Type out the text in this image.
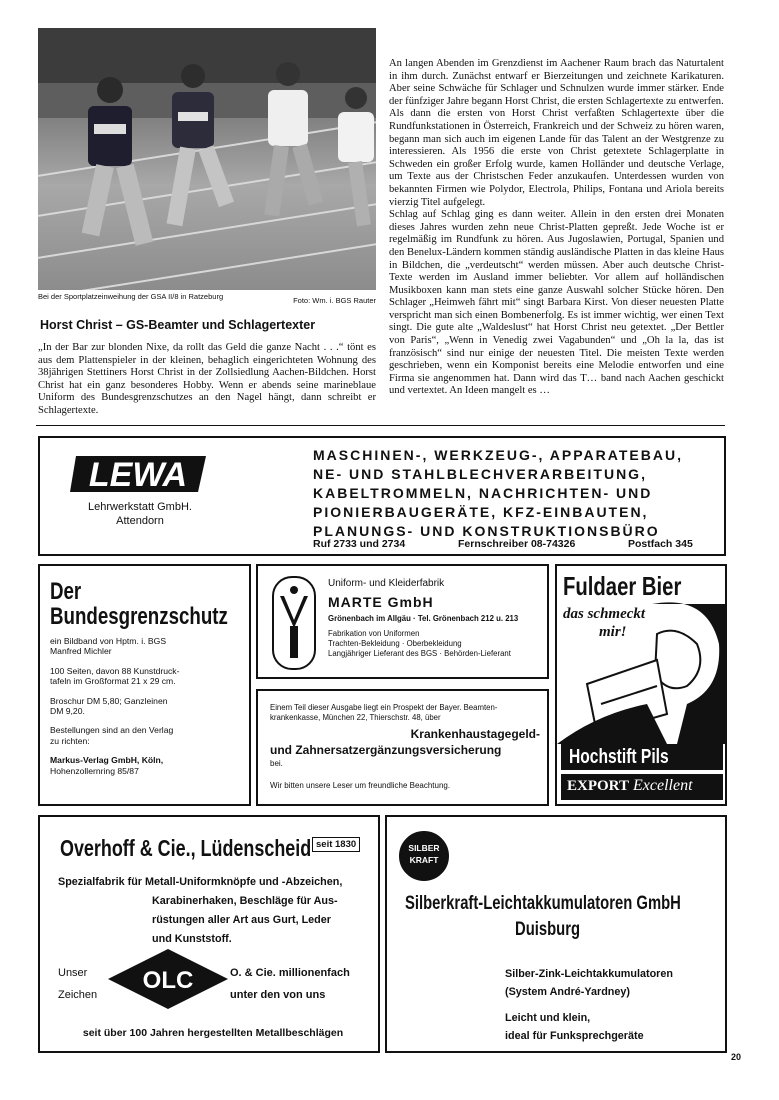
Bei der Sportplatzeinweihung der GSA II/8 in Ratzeburg	Foto: Wm. i. BGS Rauter
Horst Christ – GS-Beamter und Schlagertexter
„In der Bar zur blonden Nixe, da rollt das Geld die ganze Nacht . . .“ tönt es aus dem Plattenspieler in der kleinen, behaglich eingerichteten Wohnung des 38jährigen Stettiners Horst Christ in der Zollsiedlung Aachen-Bildchen. Horst Christ hat ein ganz besonderes Hobby. Wenn er abends seine marineblaue Uniform des Bundesgrenzschutzes an den Nagel hängt, dann schreibt er Schlagertexte.

An langen Abenden im Grenzdienst im Aachener Raum brach das Naturtalent in ihm durch. Zunächst entwarf er Bierzeitungen und zeichnete Karikaturen. Aber seine Schwäche für Schlager und Schnulzen wurde immer stärker. Ende der fünfziger Jahre begann Horst Christ, die ersten Schlagertexte zu entwerfen.

Als dann die ersten von Horst Christ verfaßten Schlagertexte über die Rundfunkstationen in Österreich, Frankreich und der Schweiz zu hören waren, begann man sich auch im eigenen Lande für das Talent an der Westgrenze zu interessieren. Als 1956 die erste von Christ getextete Schlagerplatte in Schweden ein großer Erfolg wurde, kamen Holländer und deutsche Verlage, um Texte aus der Christschen Feder anzukaufen. Unterdessen wurden von bekannten Firmen wie Polydor, Electrola, Philips, Fontana und Ariola bereits vierzig Titel aufgelegt.

Schlag auf Schlag ging es dann weiter. Allein in den ersten drei Monaten dieses Jahres wurden zehn neue Christ-Platten gepreßt. Jede Woche ist er regelmäßig im Rundfunk zu hören. Aus Jugoslawien, Portugal, Spanien und den Benelux-Ländern kommen ständig ausländische Platten in das kleine Haus in Bildchen, die „verdeutscht“ werden müssen. Aber auch deutsche Christ-Texte werden im Ausland immer beliebter. Vor allem auf holländischen Musikboxen kann man stets eine ganze Auswahl solcher Stücke hören. Den Schlager „Heimweh fährt mit“ singt Barbara Kirst. Von dieser neuesten Platte verspricht man sich einen Bombenerfolg. Es ist immer wichtig, wer einen Text singt. Die gute alte „Waldeslust“ hat Horst Christ neu getextet. „Der Bettler von Paris“, „Wenn in Venedig zwei Vagabunden“ und „Oh la la, das ist französisch“ sind nur einige der neuesten Titel. Die meisten Texte werden geschrieben, wenn ein Komponist bereits eine Melodie entworfen und eine Firma sie angenommen hat. Dann wird das T… band nach Aachen geschickt und vertextet. An Ideen mangelt es …

LEWA
Lehrwerkstatt GmbH.
Attendorn
MASCHINEN-, WERKZEUG-, APPARATEBAU,
NE- UND STAHLBLECHVERARBEITUNG,
KABELTROMMELN, NACHRICHTEN- UND
PIONIERBAUGERÄTE, KFZ-EINBAUTEN,
PLANUNGS- UND KONSTRUKTIONSBÜRO
Ruf 2733 und 2734	Fernschreiber 08-74326	Postfach 345
Der
Bundesgrenzschutz
ein Bildband von Hptm. i. BGS
Manfred Michler
100 Seiten, davon 88 Kunstdruck-
tafeln im Großformat 21 x 29 cm.
Broschur DM 5,80; Ganzleinen
DM 9,20.
Bestellungen sind an den Verlag
zu richten:
Markus-Verlag GmbH, Köln,
Hohenzollernring 85/87
Uniform- und Kleiderfabrik
MARTE GmbH
Grönenbach im Allgäu · Tel. Grönenbach 212 u. 213
Fabrikation von Uniformen
Trachten-Bekleidung · Oberbekleidung
Langjähriger Lieferant des BGS · Behörden-Lieferant
Einem Teil dieser Ausgabe liegt ein Prospekt der Bayer. Beamten-
krankenkasse, München 22, Thierschstr. 48, über
Krankenhaustagegeld-
und Zahnersatzergänzungsversicherung
bei.
Wir bitten unsere Leser um freundliche Beachtung.
Fuldaer Bier
das schmeckt
mir!
Hochstift Pils
EXPORT Excellent
Overhoff & Cie., Lüdenscheid seit 1830
Spezialfabrik für Metall-Uniformknöpfe und -Abzeichen,
Karabinerhaken, Beschläge für Aus-
rüstungen aller Art aus Gurt, Leder
und Kunststoff.
Unser
Zeichen
OLC	O. & Cie. millionenfach
unter den von uns
seit über 100 Jahren hergestellten Metallbeschlägen
SILBER
KRAFT
Silberkraft-Leichtakkumulatoren GmbH
Duisburg
Silber-Zink-Leichtakkumulatoren
(System André-Yardney)
Leicht und klein,
ideal für Funksprechgeräte
20
